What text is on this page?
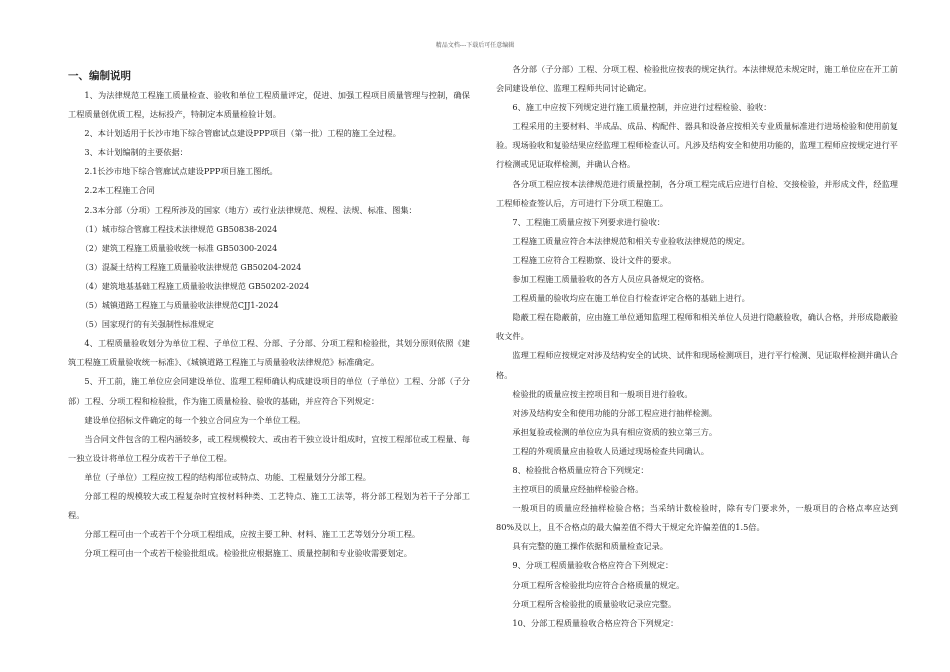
精品文档---下载后可任意编辑
一、编制说明

1、为法律规范工程施工质量检查、验收和单位工程质量评定，促进、加强工程项目质量管理与控制，确保工程质量创优质工程，达标投产，特制定本质量检验计划。

2、本计划适用于长沙市地下综合管廊试点建设PPP项目（第一批）工程的施工全过程。

3、本计划编制的主要依据：

2.1长沙市地下综合管廊试点建设PPP项目施工图纸。

2.2本工程施工合同

2.3本分部（分项）工程所涉及的国家（地方）或行业法律规范、规程、法规、标准、图集：

（1）城市综合管廊工程技术法律规范 GB50838-2024

（2）建筑工程施工质量验收统一标准 GB50300-2024

（3）混凝土结构工程施工质量验收法律规范 GB50204-2024

（4）建筑地基基础工程施工质量验收法律规范 GB50202-2024

（5）城镇道路工程施工与质量验收法律规范CJJ1-2024

（5）国家现行的有关强制性标准规定

4、工程质量验收划分为单位工程、子单位工程、分部、子分部、分项工程和检验批，其划分原则依照《建筑工程施工质量验收统一标准》、《城镇道路工程施工与质量验收法律规范》标准确定。

5、开工前，施工单位应会同建设单位、监理工程师确认构成建设项目的单位（子单位）工程、分部（子分部）工程、分项工程和检验批，作为施工质量检验、验收的基础，并应符合下列规定：

建设单位招标文件确定的每一个独立合同应为一个单位工程。

当合同文件包含的工程内涵较多，或工程规模较大、或由若干独立设计组成时，宜按工程部位或工程量、每一独立设计将单位工程分成若干子单位工程。

单位（子单位）工程应按工程的结构部位或特点、功能、工程量划分分部工程。

分部工程的规模较大或工程复杂时宜按材料种类、工艺特点、施工工法等，将分部工程划为若干子分部工程。

分部工程可由一个或若干个分项工程组成，应按主要工种、材料、施工工艺等划分分项工程。

分项工程可由一个或若干检验批组成。检验批应根据施工、质量控制和专业验收需要划定。

各分部（子分部）工程、分项工程、检验批应按表的规定执行。本法律规范未规定时，施工单位应在开工前会同建设单位、监理工程师共同讨论确定。

6、施工中应按下列规定进行施工质量控制，并应进行过程检验、验收：

工程采用的主要材料、半成品、成品、构配件、器具和设备应按相关专业质量标准进行进场检验和使用前复验。现场验收和复验结果应经监理工程师检查认可。凡涉及结构安全和使用功能的，监理工程师应按规定进行平行检测或见证取样检测，并确认合格。

各分项工程应按本法律规范进行质量控制，各分项工程完成后应进行自检、交接检验，并形成文件，经监理工程师检查签认后，方可进行下分项工程施工。

7、工程施工质量应按下列要求进行验收：

工程施工质量应符合本法律规范和相关专业验收法律规范的规定。

工程施工应符合工程勘察、设计文件的要求。

参加工程施工质量验收的各方人员应具备规定的资格。

工程质量的验收均应在施工单位自行检查评定合格的基础上进行。

隐蔽工程在隐蔽前，应由施工单位通知监理工程师和相关单位人员进行隐蔽验收，确认合格，并形成隐蔽验收文件。

监理工程师应按规定对涉及结构安全的试块、试件和现场检测项目，进行平行检测、见证取样检测并确认合格。

检验批的质量应按主控项目和一般项目进行验收。

对涉及结构安全和使用功能的分部工程应进行抽样检测。

承担复验或检测的单位应为具有相应资质的独立第三方。

工程的外观质量应由验收人员通过现场检查共同确认。

8、检验批合格质量应符合下列规定：

主控项目的质量应经抽样检验合格。

一般项目的质量应经抽样检验合格；当采纳计数检验时，除有专门要求外，一般项目的合格点率应达到80%及以上，且不合格点的最大偏差值不得大于规定允许偏差值的1.5倍。

具有完整的施工操作依据和质量检查记录。

9、分项工程质量验收合格应符合下列规定：

分项工程所含检验批均应符合合格质量的规定。

分项工程所含检验批的质量验收记录应完整。

10、分部工程质量验收合格应符合下列规定：
